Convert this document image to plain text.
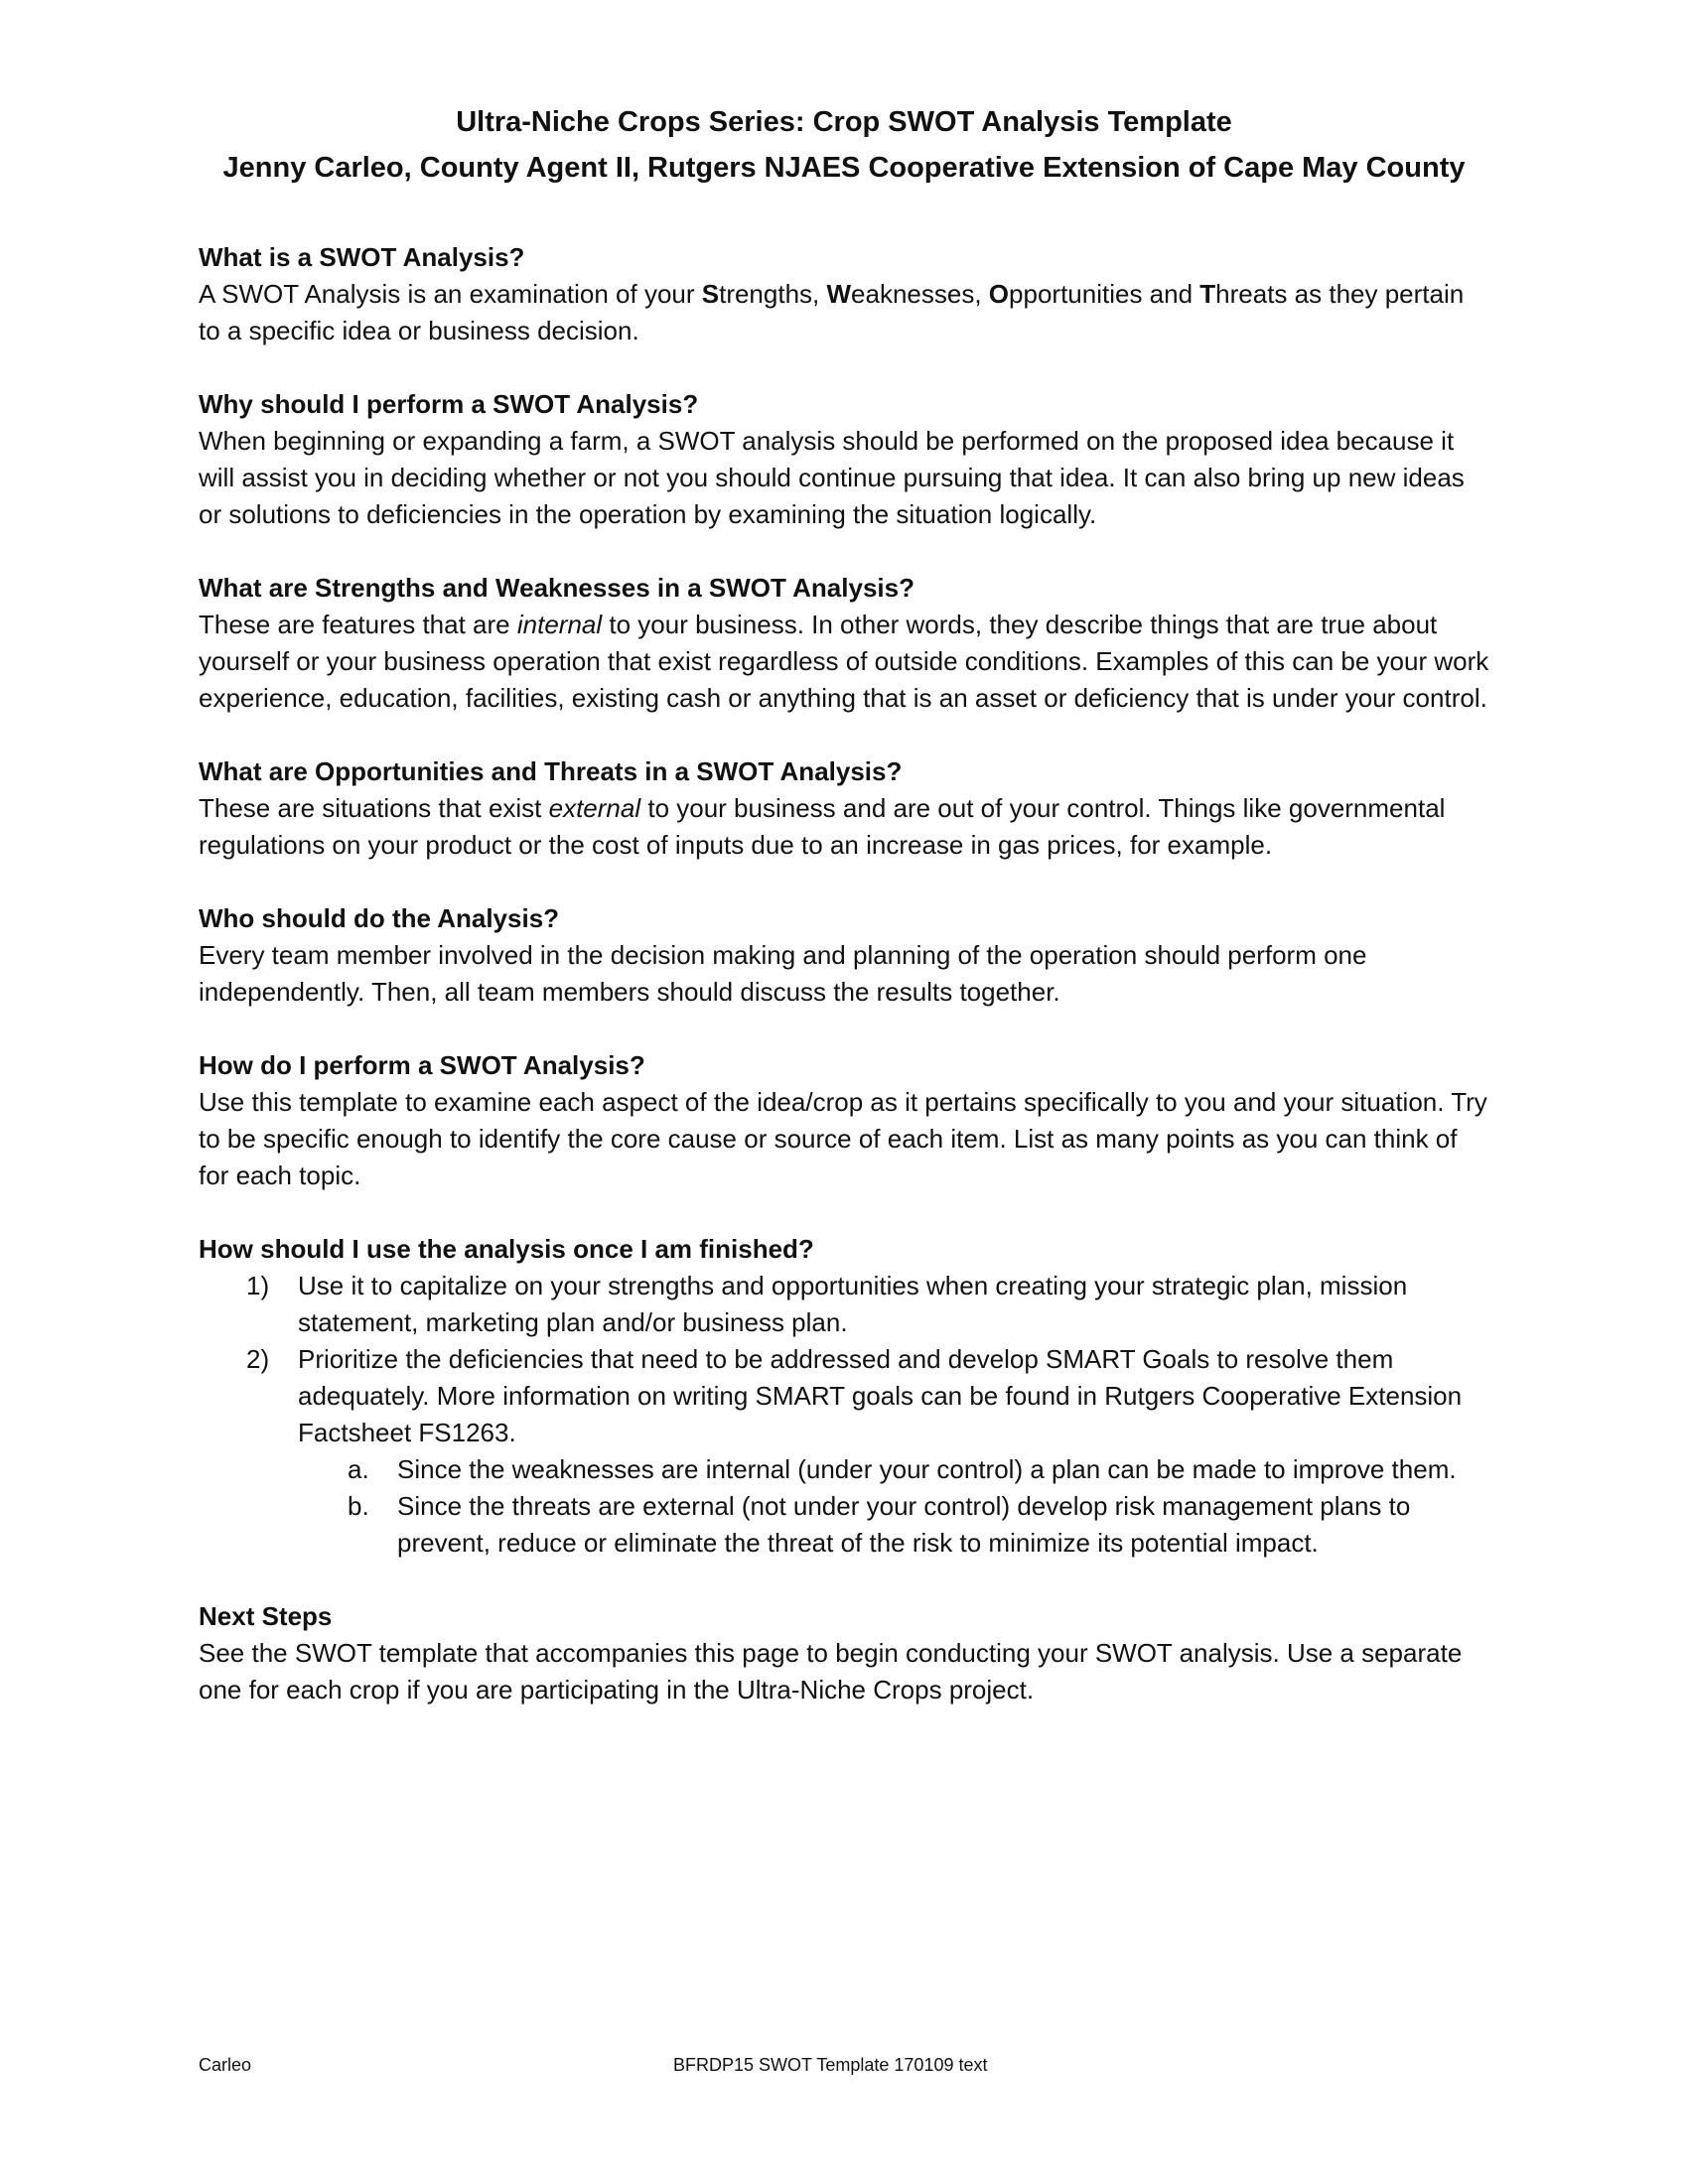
Ultra-Niche Crops Series: Crop SWOT Analysis Template
Jenny Carleo, County Agent II, Rutgers NJAES Cooperative Extension of Cape May County
What is a SWOT Analysis?

A SWOT Analysis is an examination of your Strengths, Weaknesses, Opportunities and Threats as they pertain to a specific idea or business decision.

Why should I perform a SWOT Analysis?

When beginning or expanding a farm, a SWOT analysis should be performed on the proposed idea because it will assist you in deciding whether or not you should continue pursuing that idea. It can also bring up new ideas or solutions to deficiencies in the operation by examining the situation logically.

What are Strengths and Weaknesses in a SWOT Analysis?

These are features that are internal to your business. In other words, they describe things that are true about yourself or your business operation that exist regardless of outside conditions. Examples of this can be your work experience, education, facilities, existing cash or anything that is an asset or deficiency that is under your control.

What are Opportunities and Threats in a SWOT Analysis?

These are situations that exist external to your business and are out of your control. Things like governmental regulations on your product or the cost of inputs due to an increase in gas prices, for example.

Who should do the Analysis?

Every team member involved in the decision making and planning of the operation should perform one independently. Then, all team members should discuss the results together.

How do I perform a SWOT Analysis?

Use this template to examine each aspect of the idea/crop as it pertains specifically to you and your situation. Try to be specific enough to identify the core cause or source of each item. List as many points as you can think of for each topic.

How should I use the analysis once I am finished?
1) Use it to capitalize on your strengths and opportunities when creating your strategic plan, mission statement, marketing plan and/or business plan.
2) Prioritize the deficiencies that need to be addressed and develop SMART Goals to resolve them adequately. More information on writing SMART goals can be found in Rutgers Cooperative Extension Factsheet FS1263.
a. Since the weaknesses are internal (under your control) a plan can be made to improve them.
b. Since the threats are external (not under your control) develop risk management plans to prevent, reduce or eliminate the threat of the risk to minimize its potential impact.
Next Steps

See the SWOT template that accompanies this page to begin conducting your SWOT analysis. Use a separate one for each crop if you are participating in the Ultra-Niche Crops project.

Carleo	BFRDP15 SWOT Template 170109 text
